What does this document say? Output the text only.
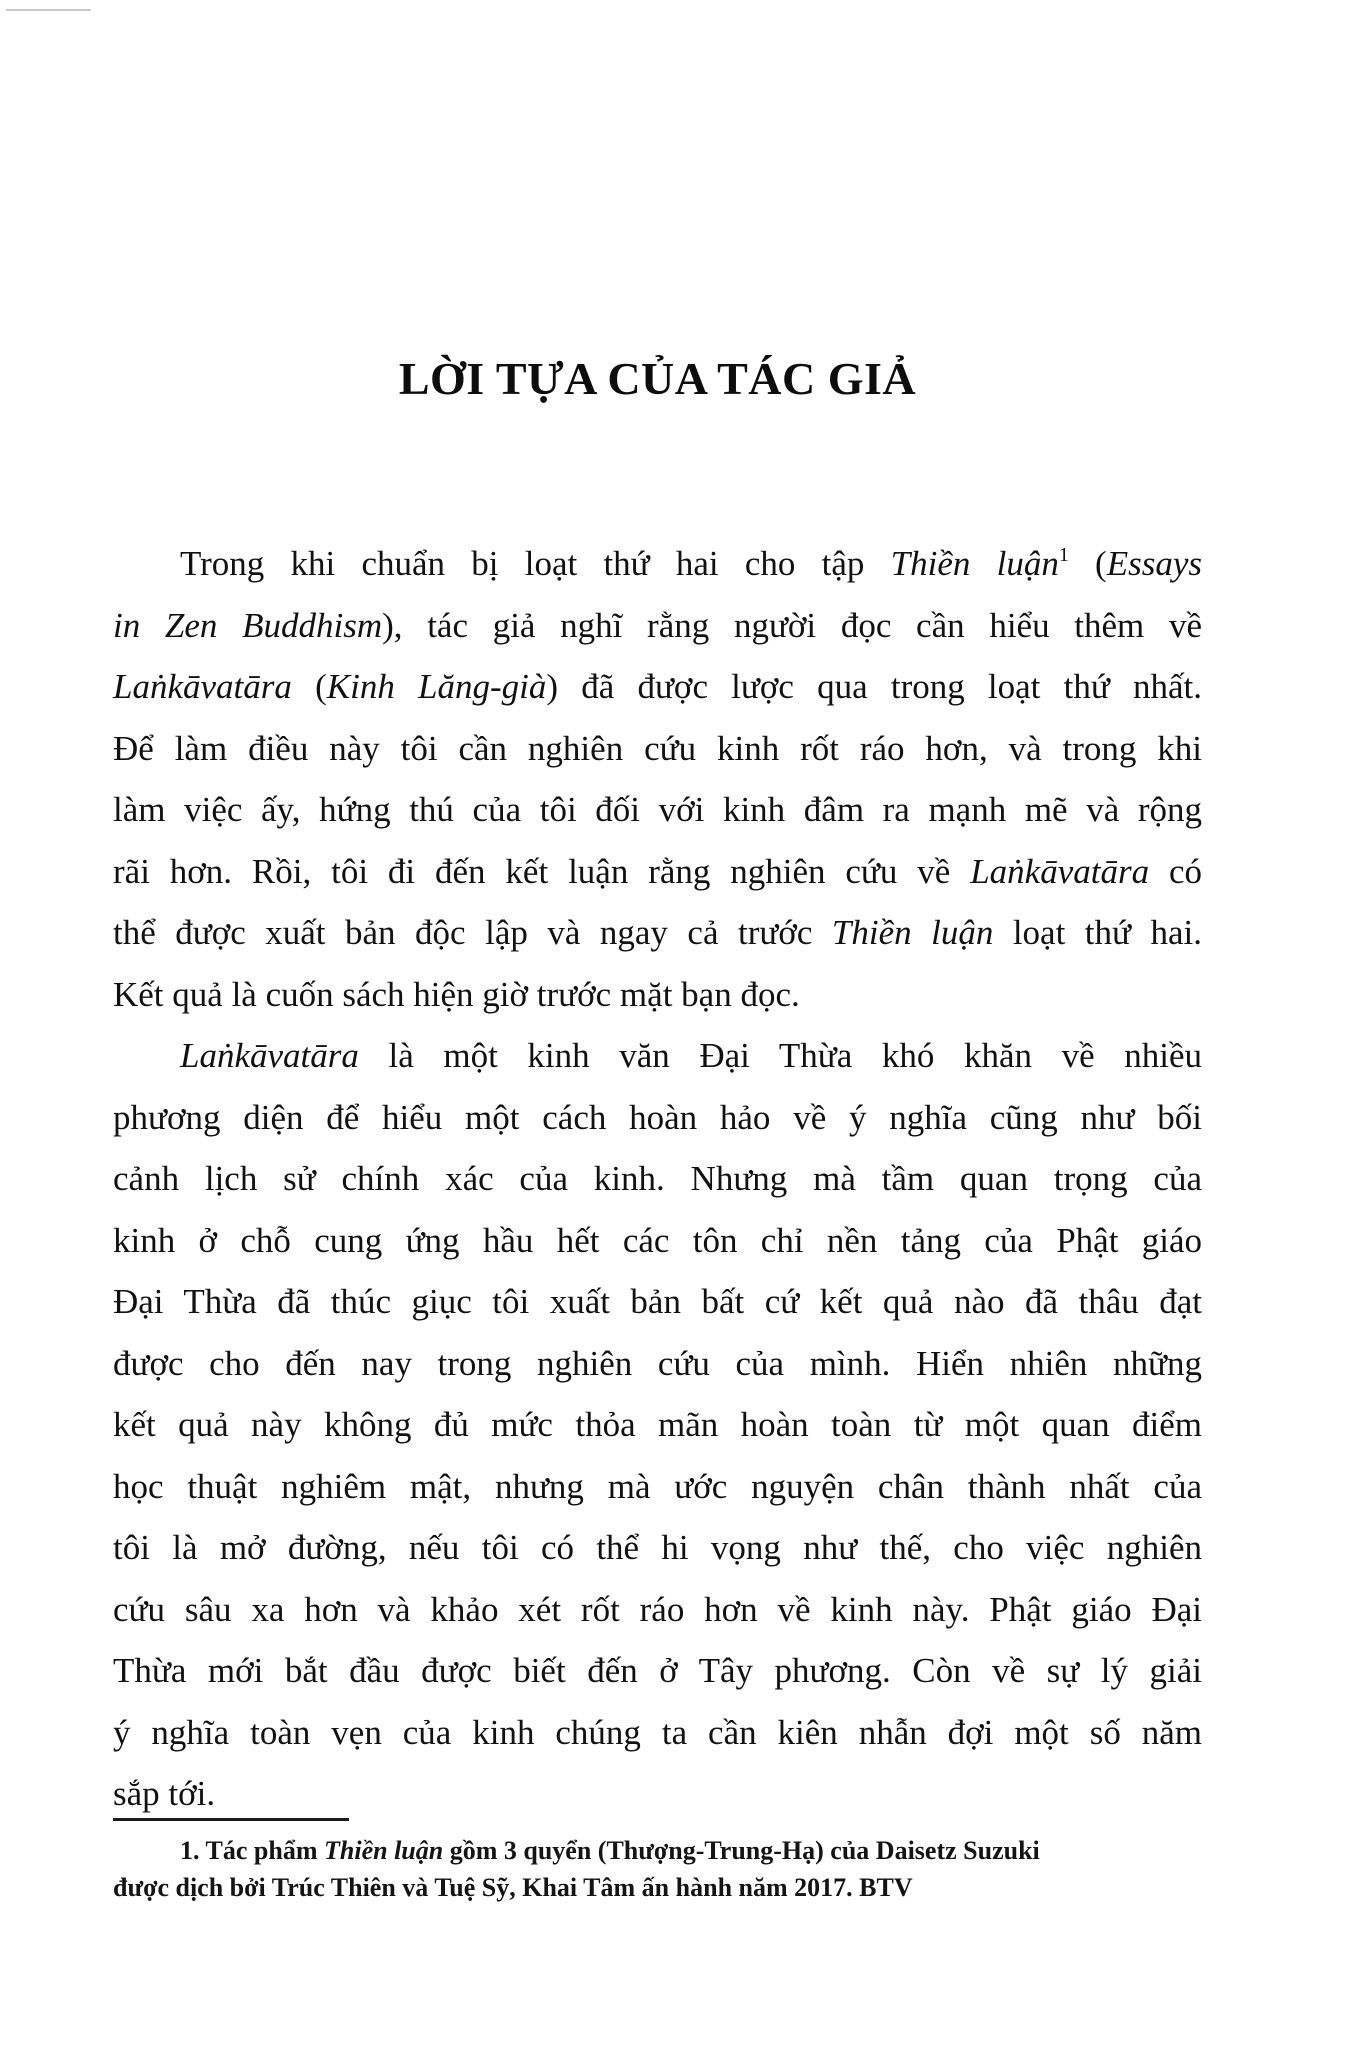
LỜI TỰA CỦA TÁC GIẢ
Trong khi chuẩn bị loạt thứ hai cho tập Thiền luận$^1$ (Essays
in Zen Buddhism), tác giả nghĩ rằng người đọc cần hiểu thêm về
Laṅkāvatāra (Kinh Lăng-già) đã được lược qua trong loạt thứ nhất.
Để làm điều này tôi cần nghiên cứu kinh rốt ráo hơn, và trong khi
làm việc ấy, hứng thú của tôi đối với kinh đâm ra mạnh mẽ và rộng
rãi hơn. Rồi, tôi đi đến kết luận rằng nghiên cứu về Laṅkāvatāra có
thể được xuất bản độc lập và ngay cả trước Thiền luận loạt thứ hai.
Kết quả là cuốn sách hiện giờ trước mặt bạn đọc.
Laṅkāvatāra là một kinh văn Đại Thừa khó khăn về nhiều
phương diện để hiểu một cách hoàn hảo về ý nghĩa cũng như bối
cảnh lịch sử chính xác của kinh. Nhưng mà tầm quan trọng của
kinh ở chỗ cung ứng hầu hết các tôn chỉ nền tảng của Phật giáo
Đại Thừa đã thúc giục tôi xuất bản bất cứ kết quả nào đã thâu đạt
được cho đến nay trong nghiên cứu của mình. Hiển nhiên những
kết quả này không đủ mức thỏa mãn hoàn toàn từ một quan điểm
học thuật nghiêm mật, nhưng mà ước nguyện chân thành nhất của
tôi là mở đường, nếu tôi có thể hi vọng như thế, cho việc nghiên
cứu sâu xa hơn và khảo xét rốt ráo hơn về kinh này. Phật giáo Đại
Thừa mới bắt đầu được biết đến ở Tây phương. Còn về sự lý giải
ý nghĩa toàn vẹn của kinh chúng ta cần kiên nhẫn đợi một số năm
sắp tới.
1. Tác phẩm Thiền luận gồm 3 quyển (Thượng-Trung-Hạ) của Daisetz Suzuki
được dịch bởi Trúc Thiên và Tuệ Sỹ, Khai Tâm ấn hành năm 2017. BTV
